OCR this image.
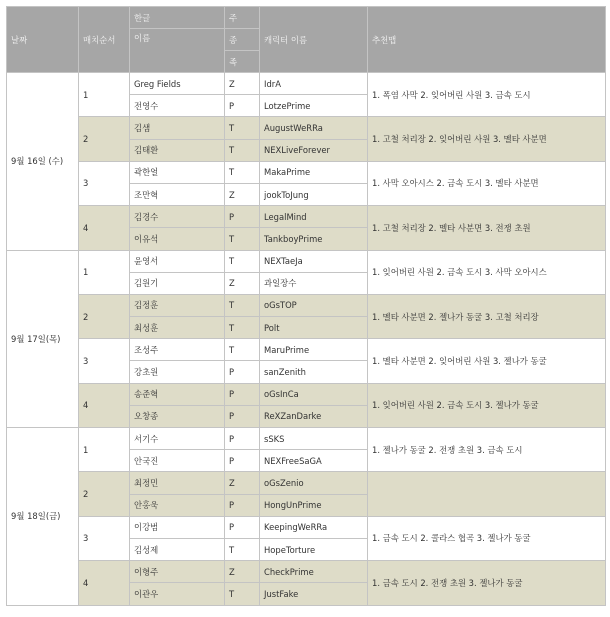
날짜	매치순서	한글	주	캐릭터 이름	추천맵
		이름	종		
			족		
9월 16일 (수)	1	Greg Fields	Z	IdrA	1. 폭염 사막 2. 잊어버린 사원 3. 금속 도시
		전영수	P	LotzePrime	
	2	김샘	T	AugustWeRRa	1. 고철 처리장 2. 잊어버린 사원 3. 멜타 사분면
		김태환	T	NEXLiveForever	
	3	곽한얼	T	MakaPrime	1. 사막 오아시스 2. 금속 도시 3. 멜타 사분면
		조만혁	Z	jookToJung	
	4	김경수	P	LegalMind	1. 고철 처리장 2. 멜타 사분면 3. 전쟁 초원
		이유석	T	TankboyPrime	
9월 17일(목)	1	윤영서	T	NEXTaeJa	1. 잊어버린 사원 2. 금속 도시 3. 사막 오아시스
		김원기	Z	과일장수	
	2	김정훈	T	oGsTOP	1. 멜타 사분면 2. 젤나가 동굴 3. 고철 처리장
		최성훈	T	Polt	
	3	조성주	T	MaruPrime	1. 멜타 사분면 2. 잊어버린 사원 3. 젤나가 동굴
		강초원	P	sanZenith	
	4	송준혁	P	oGsInCa	1. 잊어버린 사원 2. 금속 도시 3. 젤나가 동굴
		오창종	P	ReXZanDarke	
9월 18일(금)	1	서기수	P	sSKS	1. 젤나가 동굴 2. 전쟁 초원 3. 금속 도시
		안국진	P	NEXFreeSaGA	
	2	최정민	Z	oGsZenio	
		안홍욱	P	HongUnPrime	
	3	이강범	P	KeepingWeRRa	1. 금속 도시 2. 콜라스 협곡 3. 젤나가 동굴
		김성제	T	HopeTorture	
	4	이형주	Z	CheckPrime	1. 금속 도시 2. 전쟁 초원 3. 젤나가 동굴
		이관우	T	JustFake	
